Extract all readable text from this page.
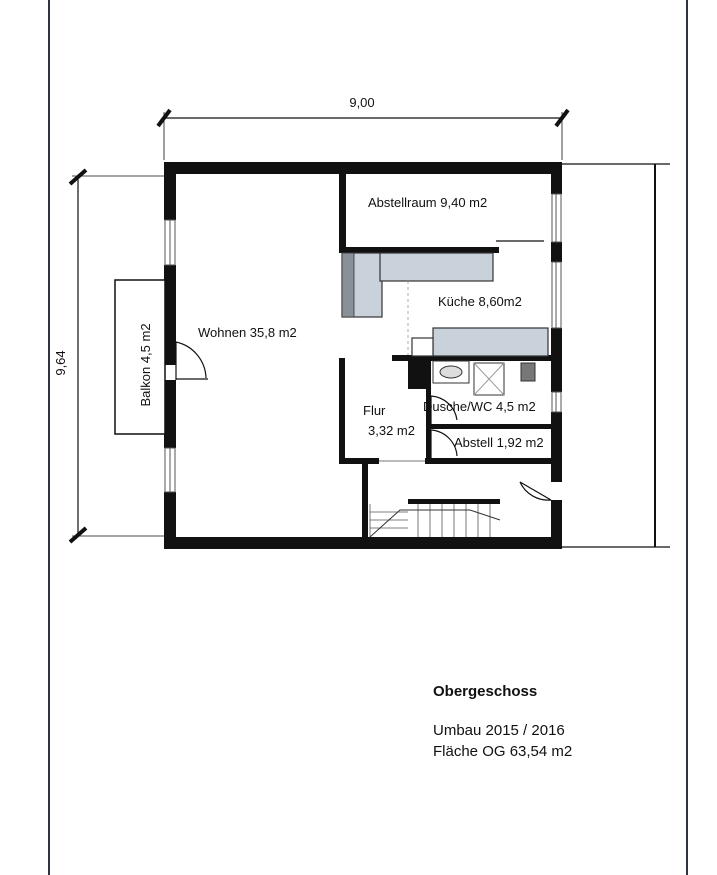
9,00
9,64
Abstellraum 9,40 m2
Küche 8,60m2
Wohnen 35,8 m2
Balkon 4,5 m2
Flur
3,32 m2
Dusche/WC 4,5 m2
Abstell 1,92 m2
Obergeschoss
Umbau 2015 / 2016
Fläche OG 63,54 m2
